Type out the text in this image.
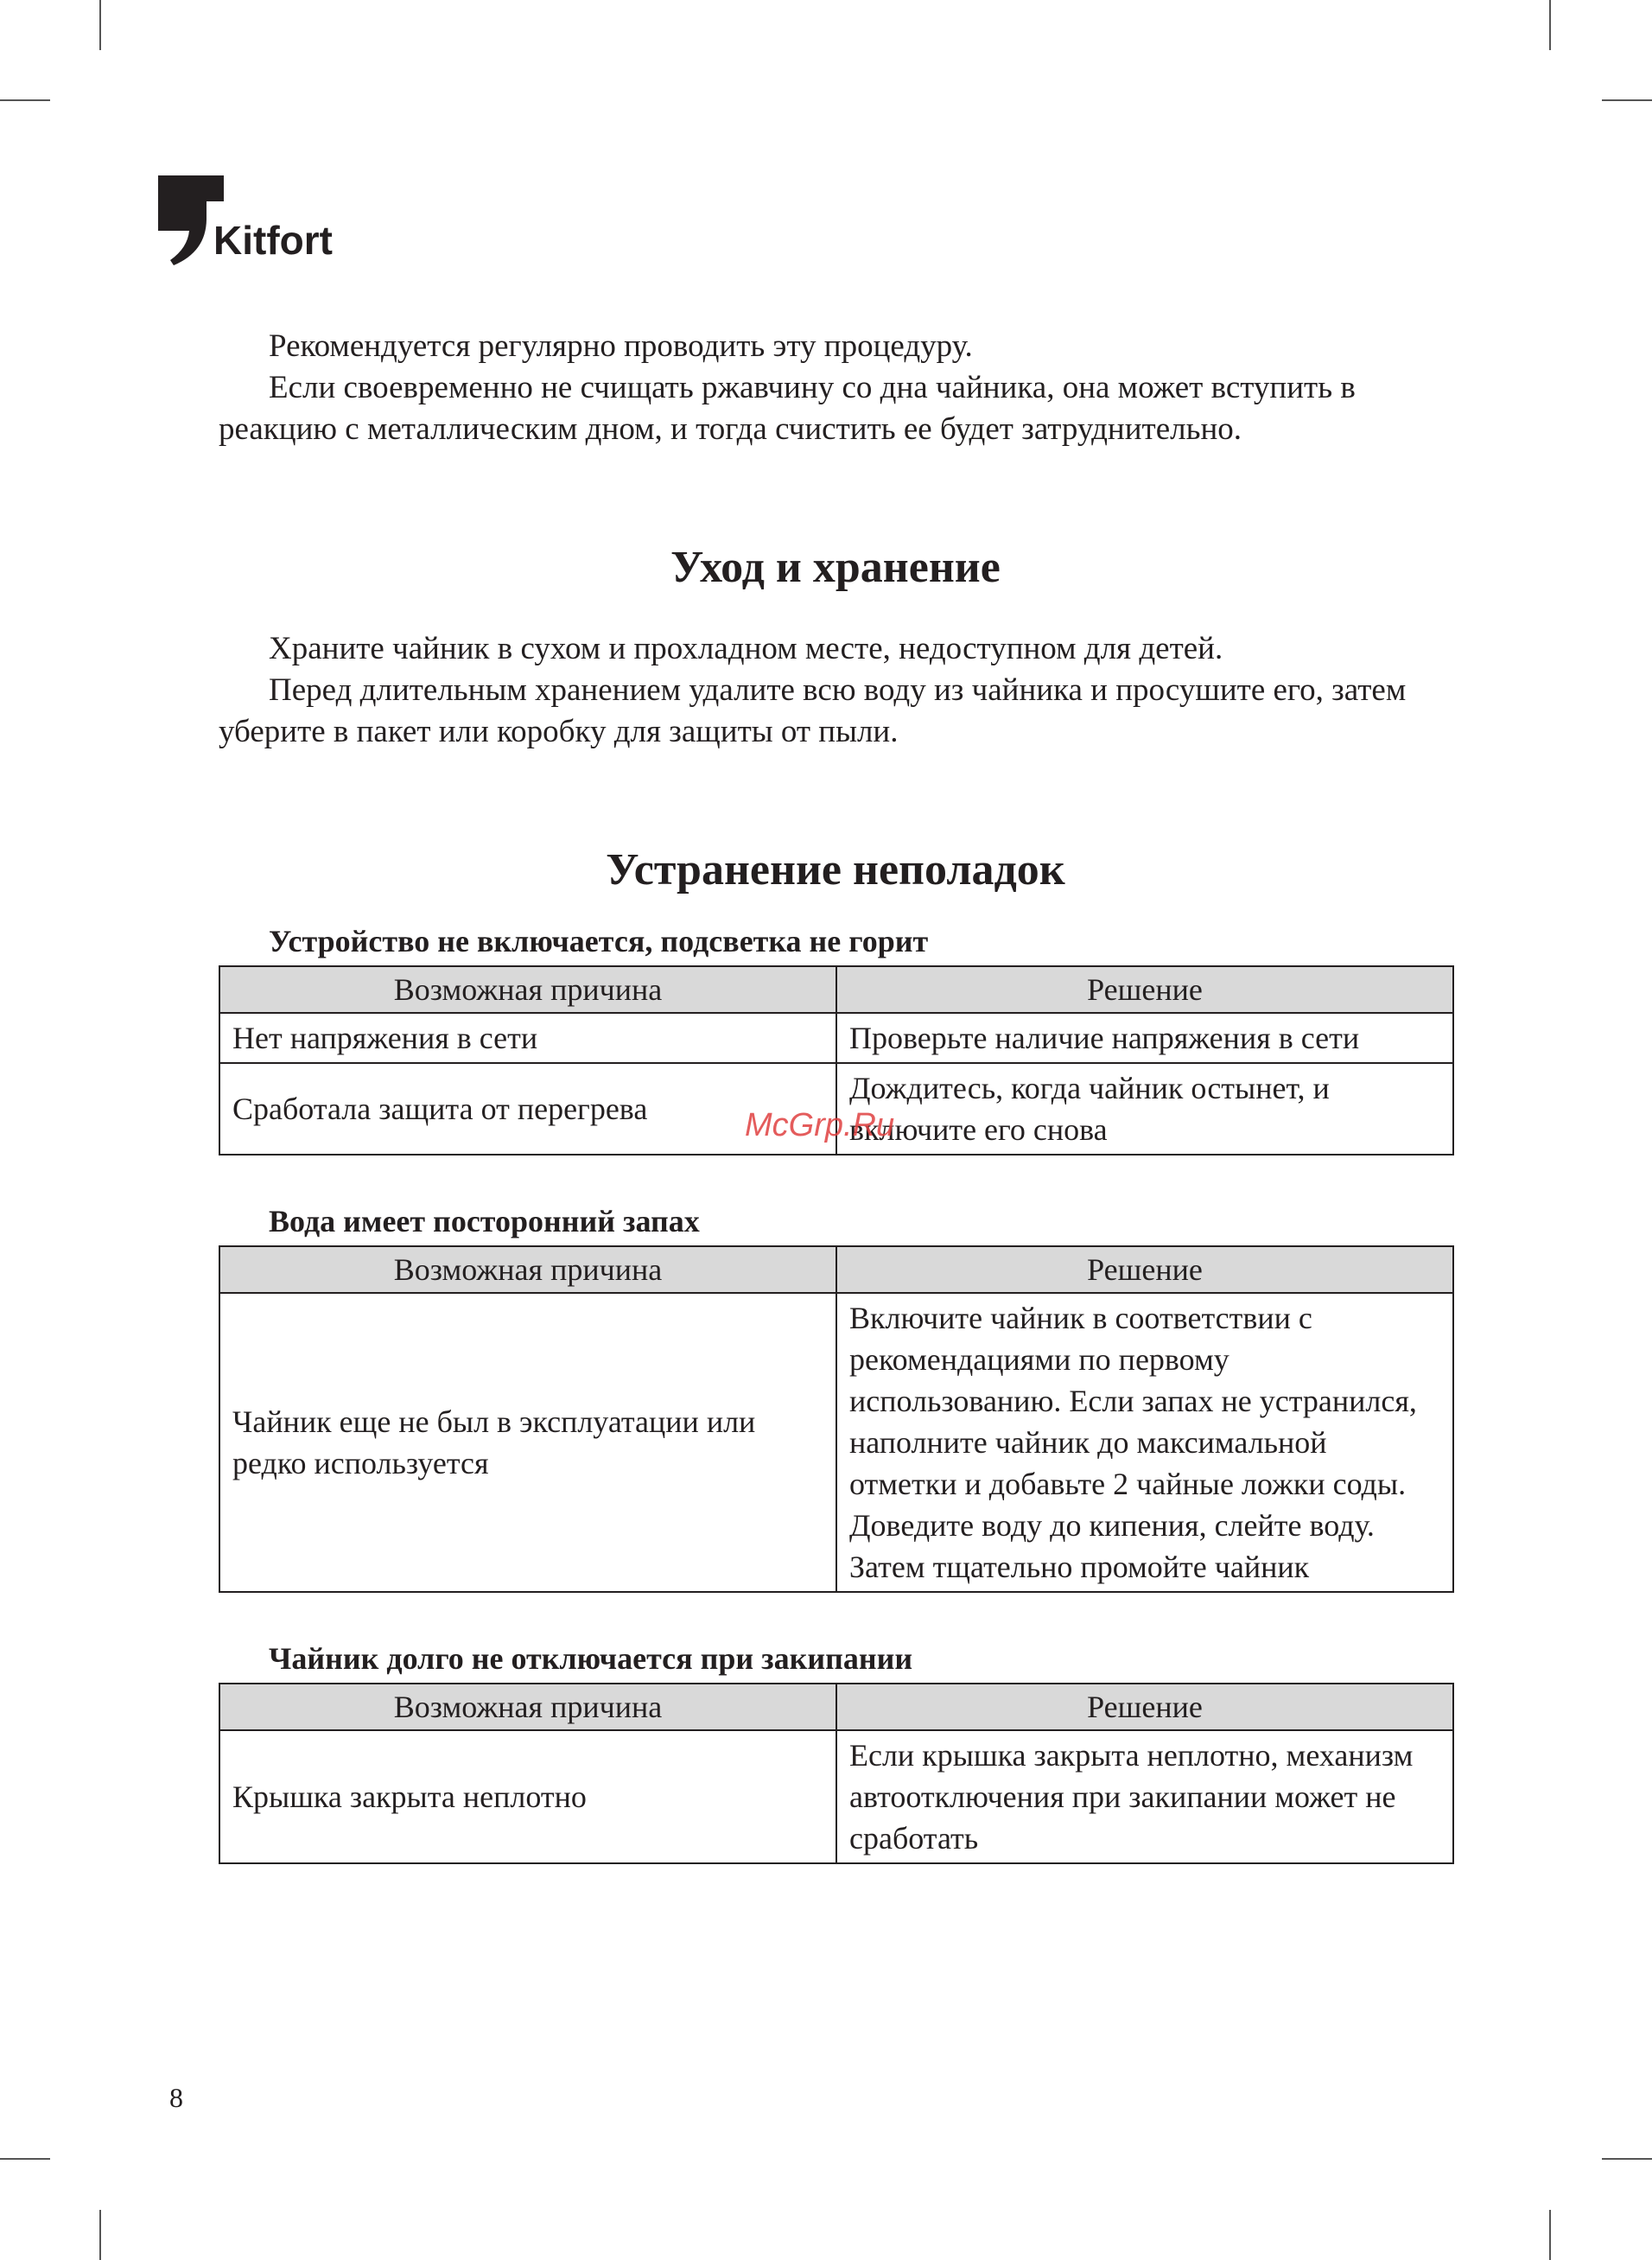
Kitfort

Рекомендуется регулярно проводить эту процедуру.

Если своевременно не счищать ржавчину со дна чайника, она может вступить в реакцию с металлическим дном, и тогда счистить ее будет затруднительно.

Уход и хранение

Храните чайник в сухом и прохладном месте, недоступном для детей.

Перед длительным хранением удалите всю воду из чайника и просушите его, затем уберите в пакет или коробку для защиты от пыли.

Устранение неполадок
Устройство не включается, подсветка не горит
Возможная причина	Решение
Нет напряжения в сети	Проверьте наличие напряжения в сети
Сработала защита от перегрева	Дождитесь, когда чайник остынет, и включите его снова
Вода имеет посторонний запах
Возможная причина	Решение
Чайник еще не был в эксплуатации или редко используется	Включите чайник в соответствии с рекомендациями по первому использованию. Если запах не устранился, наполните чайник до максимальной отметки и добавьте 2 чайные ложки соды. Доведите воду до кипения, слейте воду. Затем тщательно промойте чайник
Чайник долго не отключается при закипании
Возможная причина	Решение
Крышка закрыта неплотно	Если крышка закрыта неплотно, механизм автоотключения при закипании может не сработать
McGrp.Ru
8
